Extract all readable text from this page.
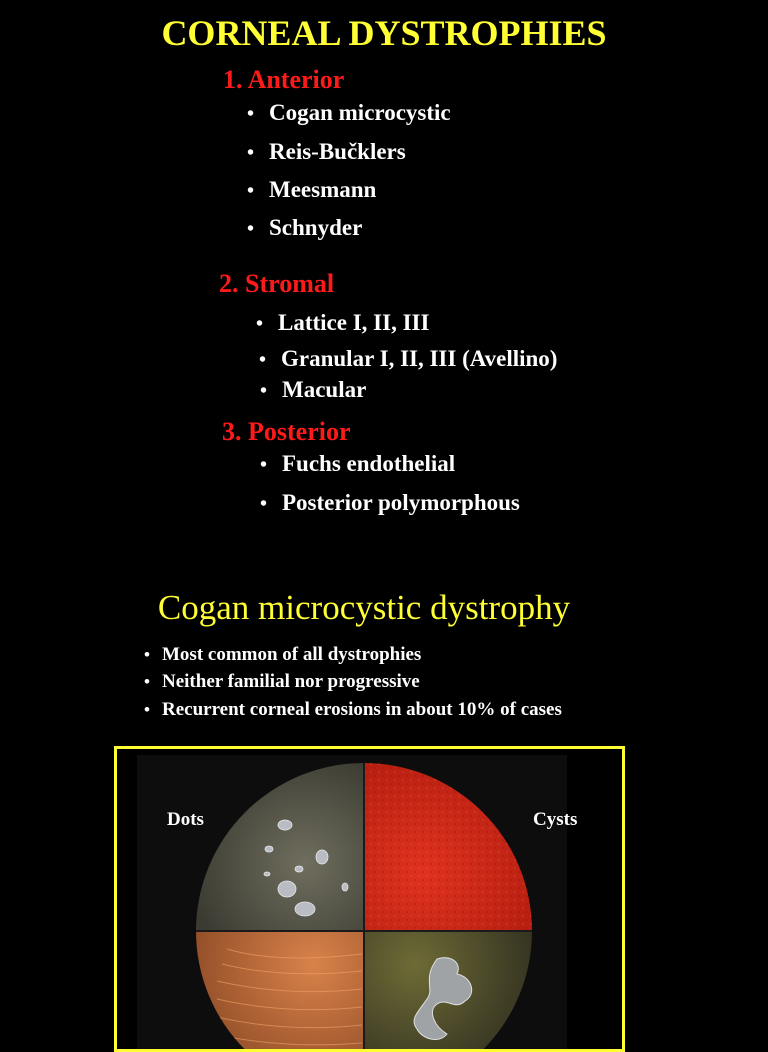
CORNEAL DYSTROPHIES
1. Anterior
• Cogan microcystic
• Reis-Bučklers
• Meesmann
• Schnyder
2. Stromal
• Lattice I, II, III
• Granular I, II, III (Avellino)
• Macular
3. Posterior
• Fuchs endothelial
• Posterior polymorphous
Cogan microcystic dystrophy
• Most common of all dystrophies
• Neither familial nor progressive
• Recurrent corneal erosions in about 10% of cases
Dots	Cysts
